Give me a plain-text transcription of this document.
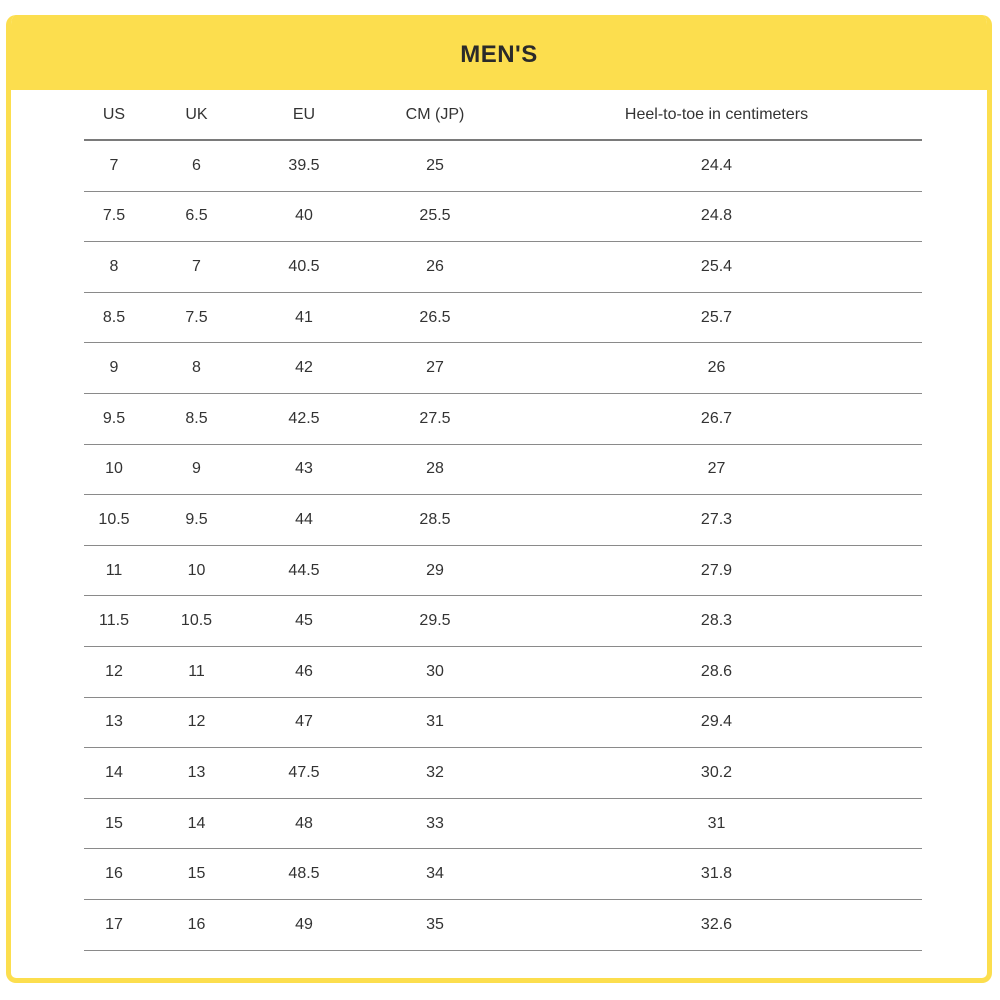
MEN'S
US	UK	EU	CM (JP)	Heel-to-toe in centimeters
7	6	39.5	25	24.4
7.5	6.5	40	25.5	24.8
8	7	40.5	26	25.4
8.5	7.5	41	26.5	25.7
9	8	42	27	26
9.5	8.5	42.5	27.5	26.7
10	9	43	28	27
10.5	9.5	44	28.5	27.3
11	10	44.5	29	27.9
11.5	10.5	45	29.5	28.3
12	11	46	30	28.6
13	12	47	31	29.4
14	13	47.5	32	30.2
15	14	48	33	31
16	15	48.5	34	31.8
17	16	49	35	32.6
